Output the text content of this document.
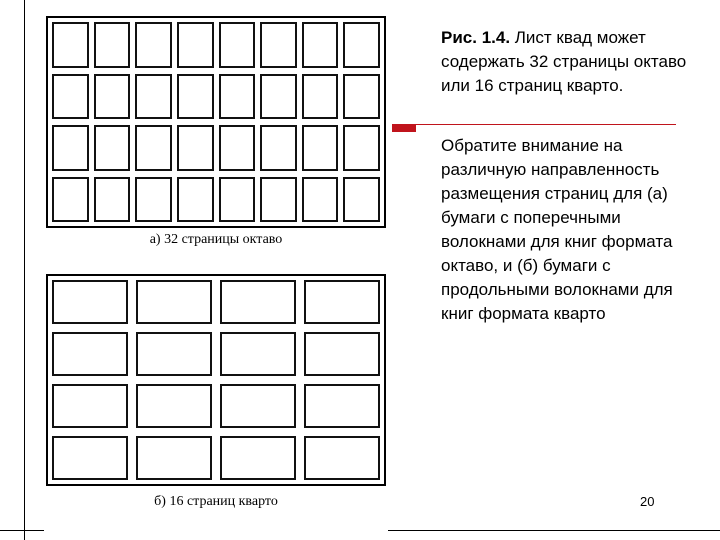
а) 32 страницы октаво
б) 16 страниц кварто
Рис. 1.4. Лист квад может содержать 32 страницы октаво или 16 страниц кварто.
Обратите внимание на различную направленность размещения страниц для (а) бумаги с поперечными волокнами для книг формата октаво, и (б) бумаги с продольными волокнами для книг формата кварто
20
